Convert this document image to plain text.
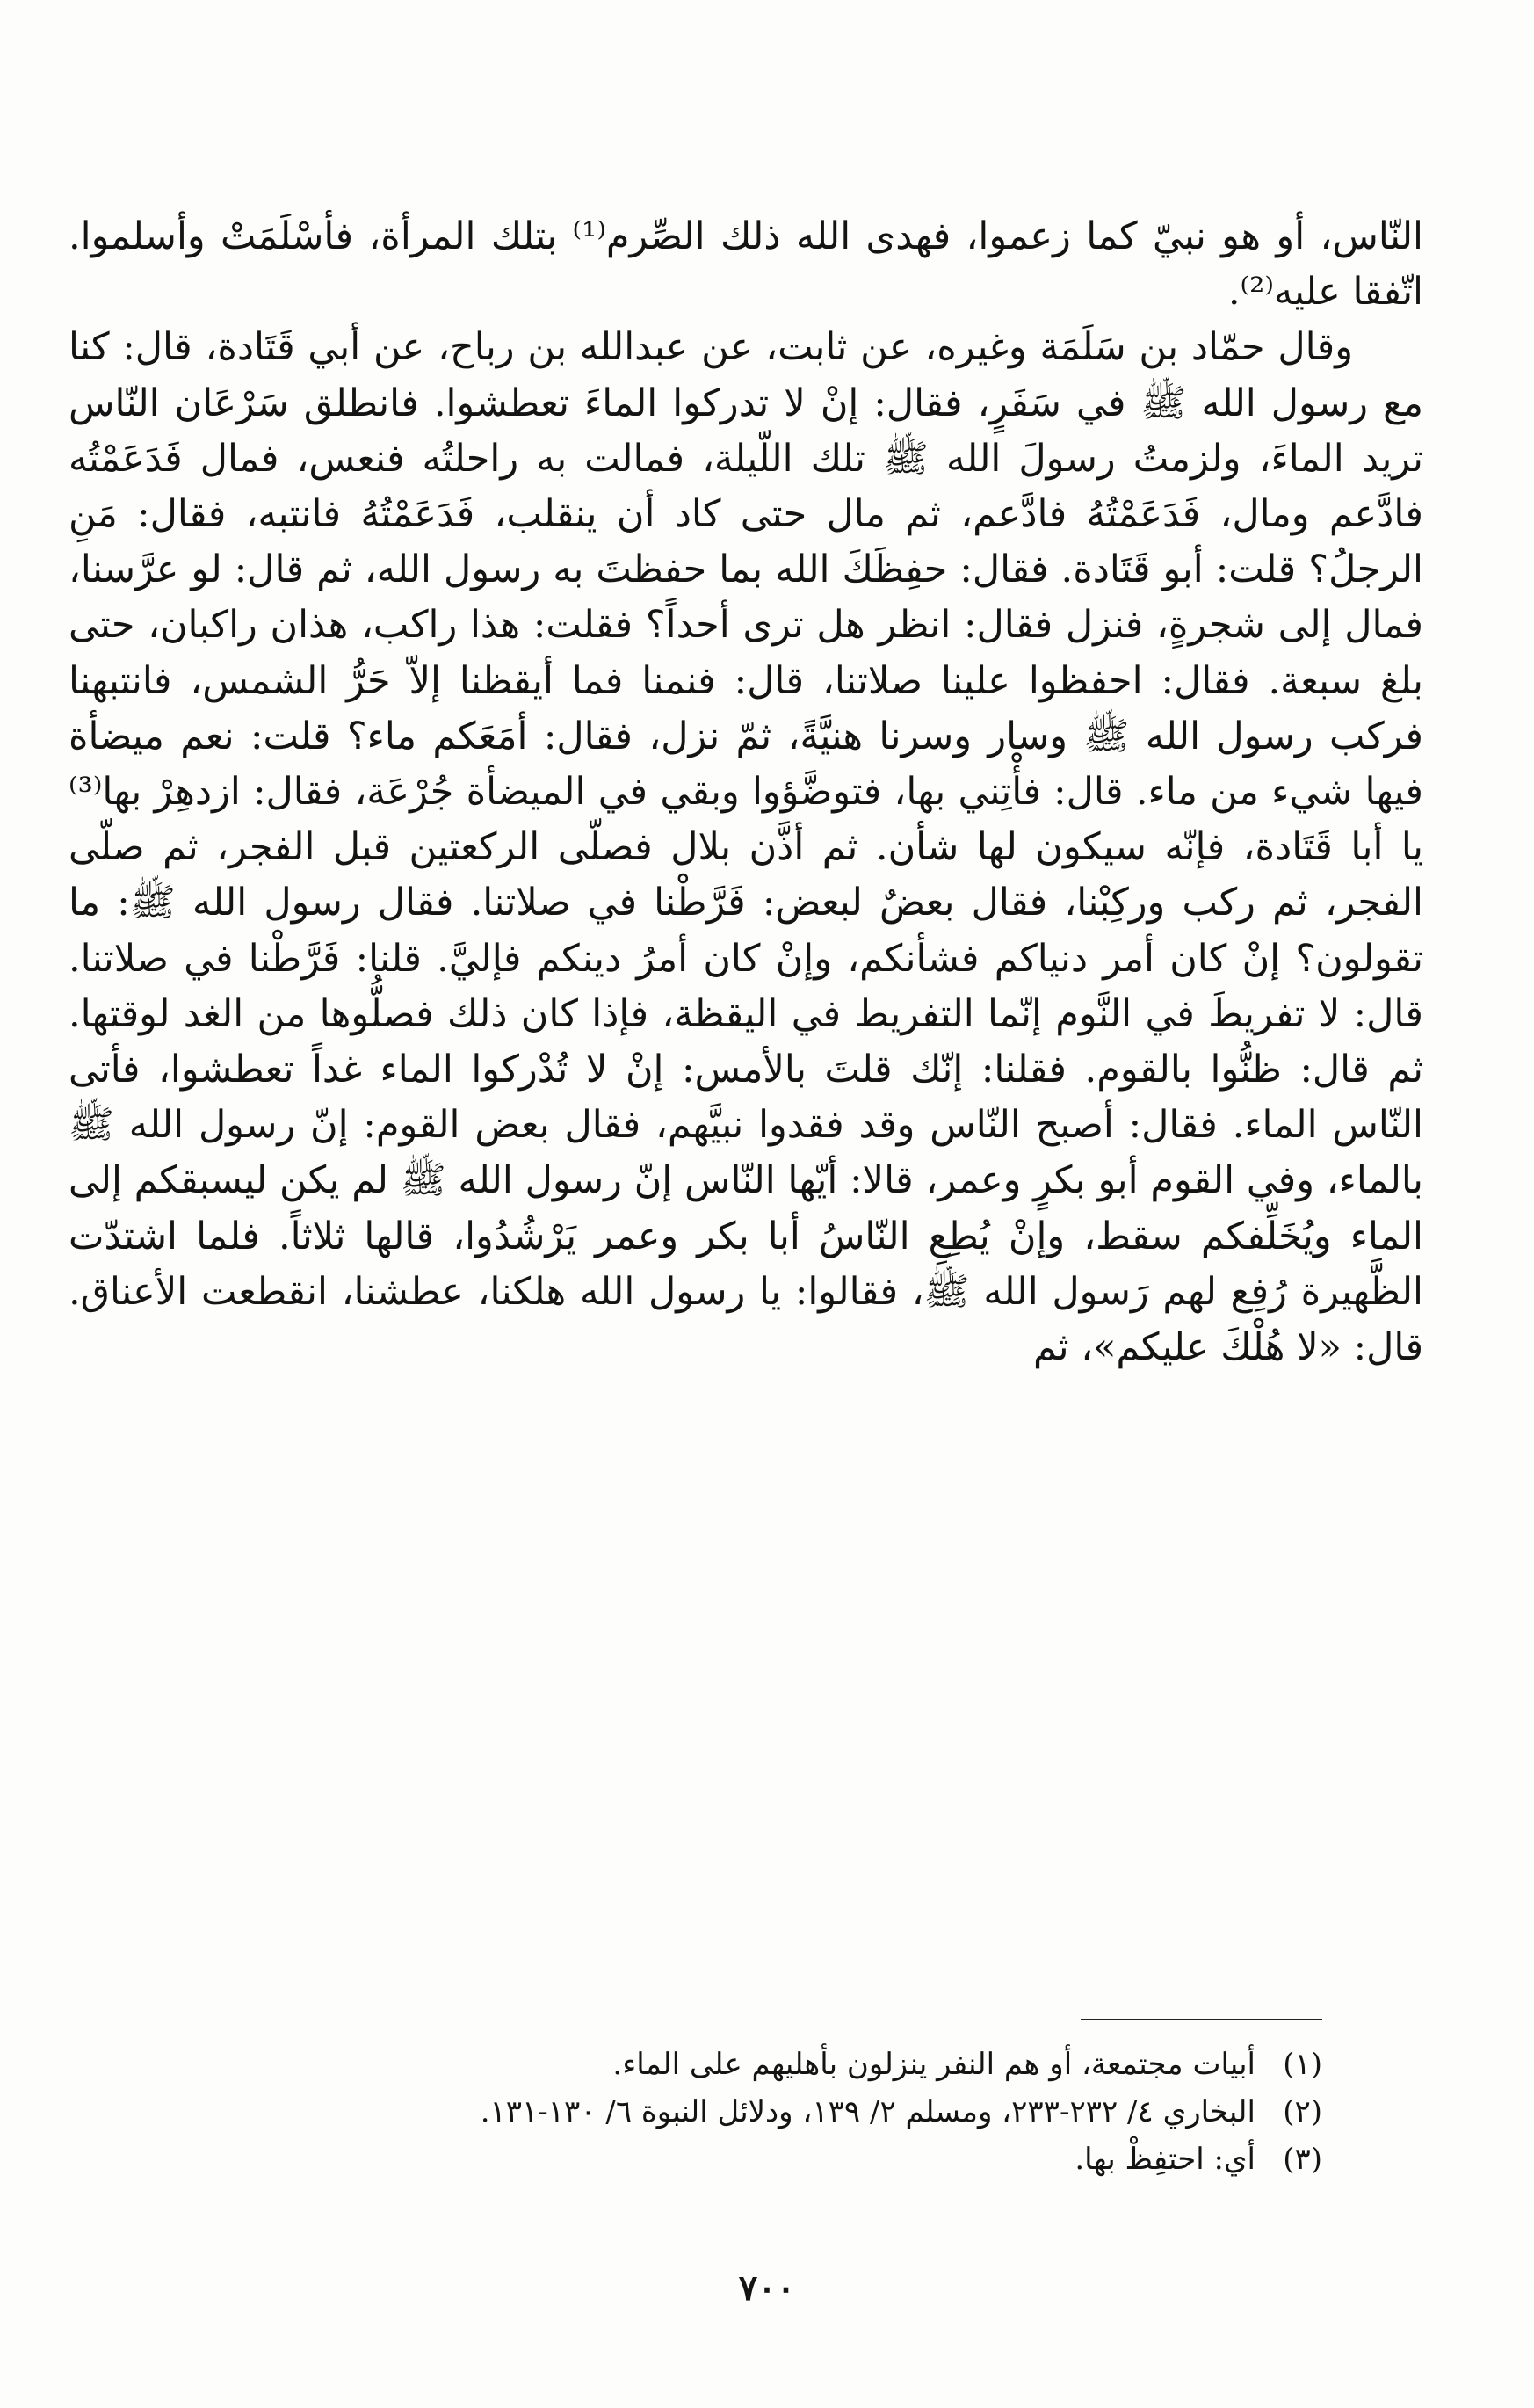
النّاس، أو هو نبيّ كما زعموا، فهدى الله ذلك الصِّرم⁽¹⁾ بتلك المرأة، فأسْلَمَتْ وأسلموا. اتّفقا عليه⁽²⁾.

وقال حمّاد بن سَلَمَة وغيره، عن ثابت، عن عبدالله بن رباح، عن أبي قَتَادة، قال: كنا مع رسول الله ﷺ في سَفَرٍ، فقال: إنْ لا تدركوا الماءَ تعطشوا. فانطلق سَرْعَان النّاس تريد الماءَ، ولزمتُ رسولَ الله ﷺ تلك اللّيلة، فمالت به راحلتُه فنعس، فمال فَدَعَمْتُه فادَّعم ومال، فَدَعَمْتُهُ فادَّعم، ثم مال حتى كاد أن ينقلب، فَدَعَمْتُهُ فانتبه، فقال: مَنِ الرجلُ؟ قلت: أبو قَتَادة. فقال: حفِظَكَ الله بما حفظتَ به رسول الله، ثم قال: لو عرَّسنا، فمال إلى شجرةٍ، فنزل فقال: انظر هل ترى أحداً؟ فقلت: هذا راكب، هذان راكبان، حتى بلغ سبعة. فقال: احفظوا علينا صلاتنا، قال: فنمنا فما أيقظنا إلاّ حَرُّ الشمس، فانتبهنا فركب رسول الله ﷺ وسار وسرنا هنيَّةً، ثمّ نزل، فقال: أمَعَكم ماء؟ قلت: نعم ميضأة فيها شيء من ماء. قال: فأْتِني بها، فتوضَّؤوا وبقي في الميضأة جُرْعَة، فقال: ازدهِرْ بها⁽³⁾ يا أبا قَتَادة، فإنّه سيكون لها شأن. ثم أذَّن بلال فصلّى الركعتين قبل الفجر، ثم صلّى الفجر، ثم ركب وركِبْنا، فقال بعضٌ لبعض: فَرَّطْنا في صلاتنا. فقال رسول الله ﷺ: ما تقولون؟ إنْ كان أمر دنياكم فشأنكم، وإنْ كان أمرُ دينكم فإليَّ. قلنا: فَرَّطْنا في صلاتنا. قال: لا تفريطَ في النَّوم إنّما التفريط في اليقظة، فإذا كان ذلك فصلُّوها من الغد لوقتها. ثم قال: ظنُّوا بالقوم. فقلنا: إنّك قلتَ بالأمس: إنْ لا تُدْركوا الماء غداً تعطشوا، فأتى النّاس الماء. فقال: أصبح النّاس وقد فقدوا نبيَّهم، فقال بعض القوم: إنّ رسول الله ﷺ بالماء، وفي القوم أبو بكرٍ وعمر، قالا: أيّها النّاس إنّ رسول الله ﷺ لم يكن ليسبقكم إلى الماء ويُخَلِّفكم سقط، وإنْ يُطِعِ النّاسُ أبا بكر وعمر يَرْشُدُوا، قالها ثلاثاً. فلما اشتدّت الظَّهيرة رُفِع لهم رَسول الله ﷺ، فقالوا: يا رسول الله هلكنا، عطشنا، انقطعت الأعناق. قال: «لا هُلْكَ عليكم»، ثم

(١)
أبيات مجتمعة، أو هم النفر ينزلون بأهليهم على الماء.
(٢)
البخاري ٤/ ٢٣٢-٢٣٣، ومسلم ٢/ ١٣٩، ودلائل النبوة ٦/ ١٣٠-١٣١.
(٣)
أي: احتفِظْ بها.
٧٠٠
